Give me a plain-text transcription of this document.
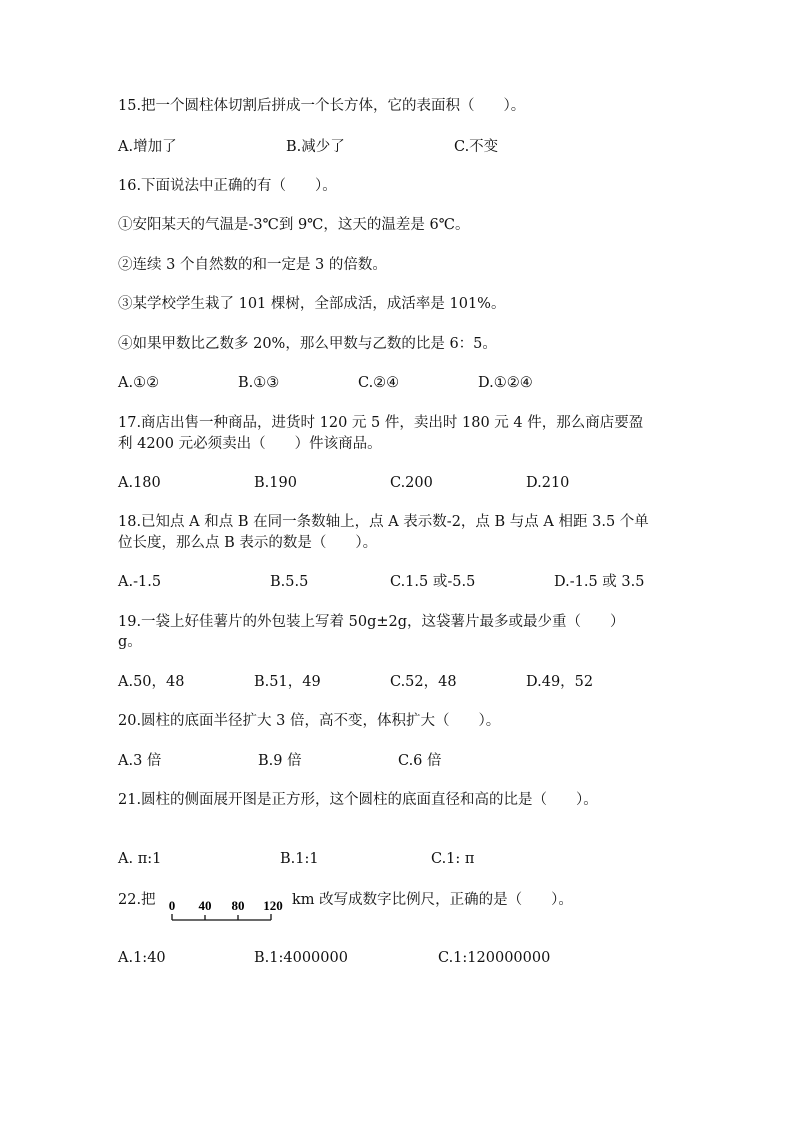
15.把一个圆柱体切割后拼成一个长方体，它的表面积（　　）。
A.增加了	B.减少了	C.不变
16.下面说法中正确的有（　　）。
①安阳某天的气温是-3℃到 9℃，这天的温差是 6℃。
②连续 3 个自然数的和一定是 3 的倍数。
③某学校学生栽了 101 棵树，全部成活，成活率是 101%。
④如果甲数比乙数多 20%，那么甲数与乙数的比是 6：5。
A.①②	B.①③	C.②④	D.①②④
17.商店出售一种商品，进货时 120 元 5 件，卖出时 180 元 4 件，那么商店要盈
利 4200 元必须卖出（　　）件该商品。
A.180	B.190	C.200	D.210
18.已知点 A 和点 B 在同一条数轴上，点 A 表示数-2，点 B 与点 A 相距 3.5 个单
位长度，那么点 B 表示的数是（　　）。
A.-1.5	B.5.5	C.1.5 或-5.5	D.-1.5 或 3.5
19.一袋上好佳薯片的外包装上写着 50g±2g，这袋薯片最多或最少重（　　）
g。
A.50，48	B.51，49	C.52，48	D.49，52
20.圆柱的底面半径扩大 3 倍，高不变，体积扩大（　　）。
A.3 倍	B.9 倍	C.6 倍
21.圆柱的侧面展开图是正方形，这个圆柱的底面直径和高的比是（　　）。
A. π:1	B.1:1	C.1: π
22.把 0 40 80 120 km 改写成数字比例尺，正确的是（　　）。
A.1:40	B.1:4000000	C.1:120000000
